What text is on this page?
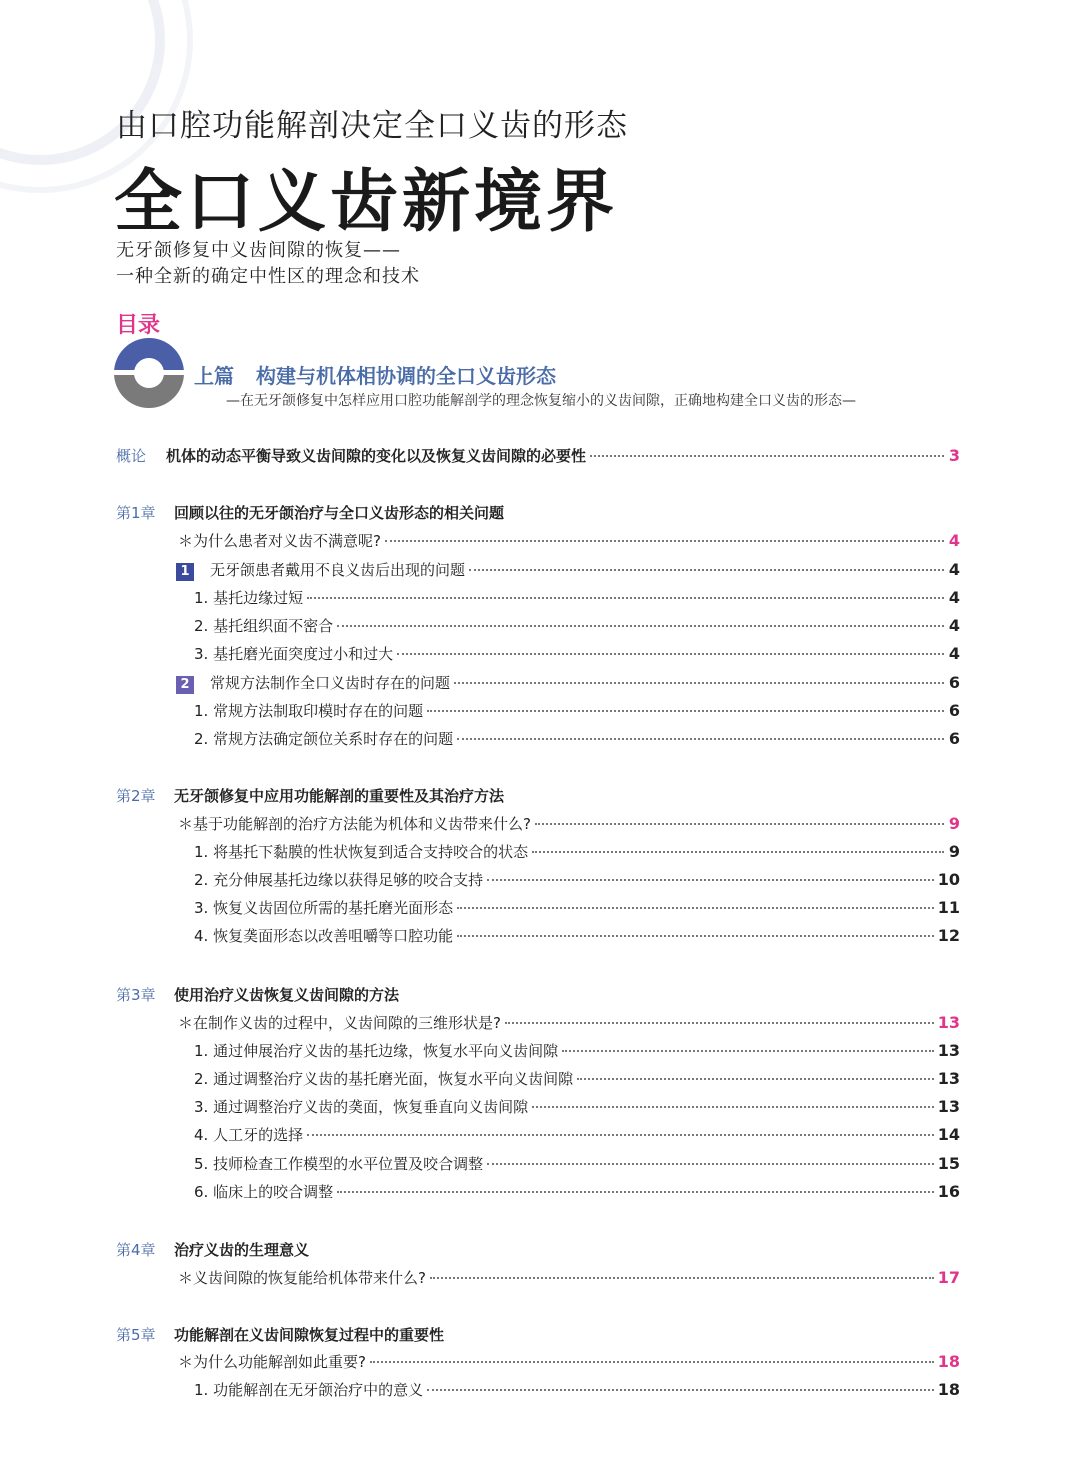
由口腔功能解剖决定全口义齿的形态
全口义齿新境界
无牙颌修复中义齿间隙的恢复——
一种全新的确定中性区的理念和技术
目录
上篇 构建与机体相协调的全口义齿形态
—在无牙颌修复中怎样应用口腔功能解剖学的理念恢复缩小的义齿间隙，正确地构建全口义齿的形态—
概论 机体的动态平衡导致义齿间隙的变化以及恢复义齿间隙的必要性	3
第1章 回顾以往的无牙颌治疗与全口义齿形态的相关问题
＊为什么患者对义齿不满意呢?	4
1 无牙颌患者戴用不良义齿后出现的问题	4
1. 基托边缘过短	4
2. 基托组织面不密合	4
3. 基托磨光面突度过小和过大	4
2 常规方法制作全口义齿时存在的问题	6
1. 常规方法制取印模时存在的问题	6
2. 常规方法确定颌位关系时存在的问题	6
第2章 无牙颌修复中应用功能解剖的重要性及其治疗方法
＊基于功能解剖的治疗方法能为机体和义齿带来什么?	9
1. 将基托下黏膜的性状恢复到适合支持咬合的状态	9
2. 充分伸展基托边缘以获得足够的咬合支持	10
3. 恢复义齿固位所需的基托磨光面形态	11
4. 恢复䶮面形态以改善咀嚼等口腔功能	12
第3章 使用治疗义齿恢复义齿间隙的方法
＊在制作义齿的过程中，义齿间隙的三维形状是?	13
1. 通过伸展治疗义齿的基托边缘，恢复水平向义齿间隙	13
2. 通过调整治疗义齿的基托磨光面，恢复水平向义齿间隙	13
3. 通过调整治疗义齿的䶮面，恢复垂直向义齿间隙	13
4. 人工牙的选择	14
5. 技师检查工作模型的水平位置及咬合调整	15
6. 临床上的咬合调整	16
第4章 治疗义齿的生理意义
＊义齿间隙的恢复能给机体带来什么?	17
第5章 功能解剖在义齿间隙恢复过程中的重要性
＊为什么功能解剖如此重要?	18
1. 功能解剖在无牙颌治疗中的意义	18
